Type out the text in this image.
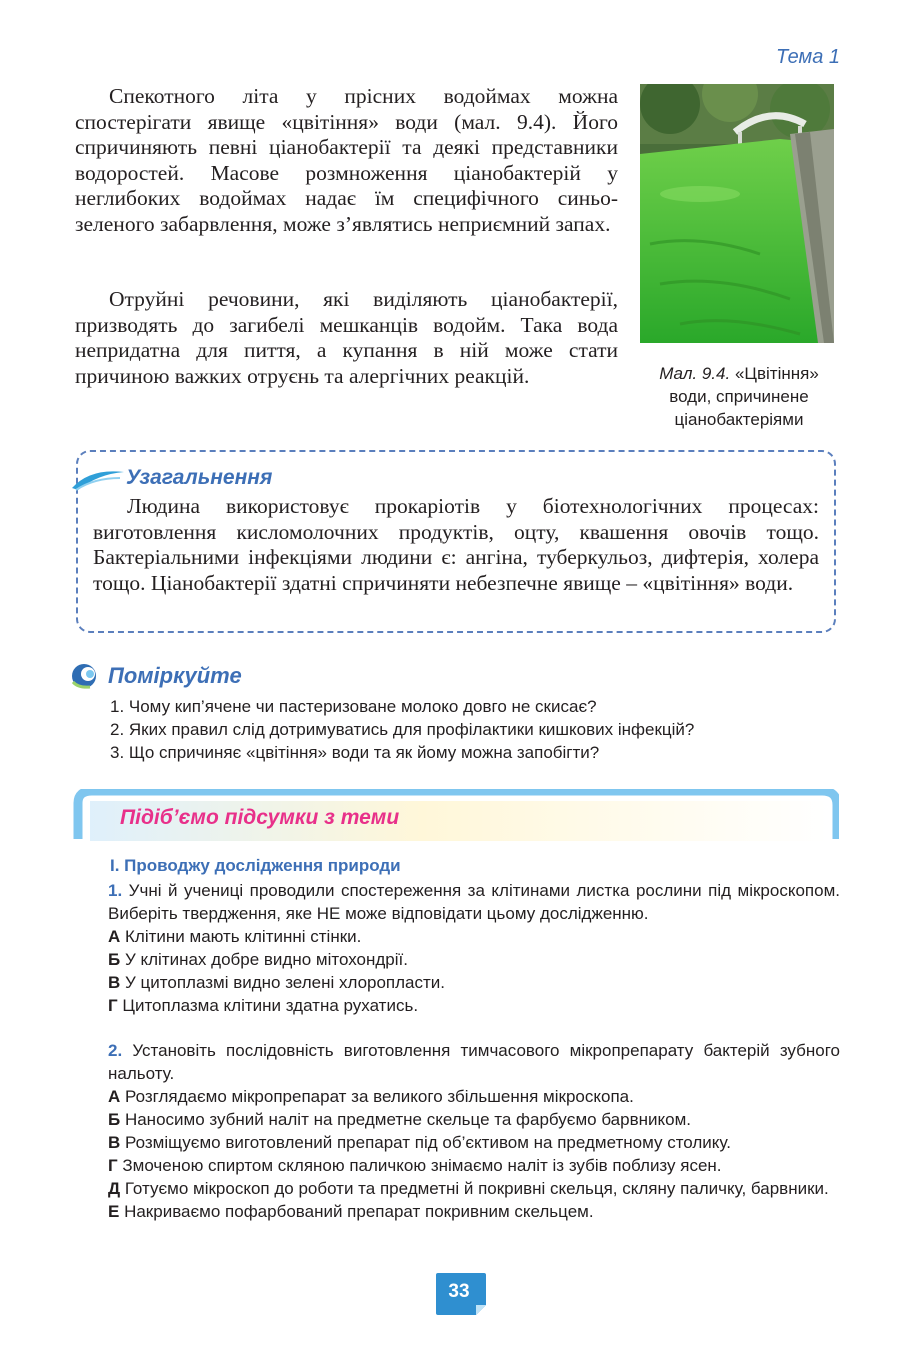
Тема 1

Спекотного літа у прісних водоймах можна спостерігати явище «цвітіння» води (мал. 9.4). Його спричиняють певні ціанобактерії та деякі представники водоростей. Масове розмноження ціанобактерій у неглибоких водоймах надає їм специфічного синьо-зеленого забарвлення, може з’являтись неприємний запах.

Отруйні речовини, які виділяють ціанобактерії, призводять до загибелі мешканців водойм. Така вода непридатна для пиття, а купання в ній може стати причиною важких отруєнь та алергічних реакцій.	Мал. 9.4. «Цвітіння» води, спричинене ціанобактеріями
Узагальнення

Людина використовує прокаріотів у біотехнологічних процесах: виготовлення кисломолочних продуктів, оцту, квашення овочів тощо. Бактеріальними інфекціями людини є: ангіна, туберкульоз, дифтерія, холера тощо. Ціанобактерії здатні спричиняти небезпечне явище – «цвітіння» води.

Поміркуйте
1. Чому кип’ячене чи пастеризоване молоко довго не скисає?
2. Яких правил слід дотримуватись для профілактики кишкових інфекцій?
3. Що спричиняє «цвітіння» води та як йому можна запобігти?
Підіб’ємо підсумки з теми
I. Проводжу дослідження природи

1. Учні й учениці проводили спостереження за клітинами листка рослини під мікроскопом. Виберіть твердження, яке НЕ може відповідати цьому дослідженню.

А Клітини мають клітинні стінки.

Б У клітинах добре видно мітохондрії.

В У цитоплазмі видно зелені хлоропласти.

Г Цитоплазма клітини здатна рухатись.

2. Установіть послідовність виготовлення тимчасового мікропрепарату бактерій зубного нальоту.

А Розглядаємо мікропрепарат за великого збільшення мікроскопа.

Б Наносимо зубний наліт на предметне скельце та фарбуємо барвником.

В Розміщуємо виготовлений препарат під об’єктивом на предметному столику.

Г Змоченою спиртом скляною паличкою знімаємо наліт із зубів поблизу ясен.

Д Готуємо мікроскоп до роботи та предметні й покривні скельця, скляну паличку, барвники.

Е Накриваємо пофарбований препарат покривним скельцем.

33
